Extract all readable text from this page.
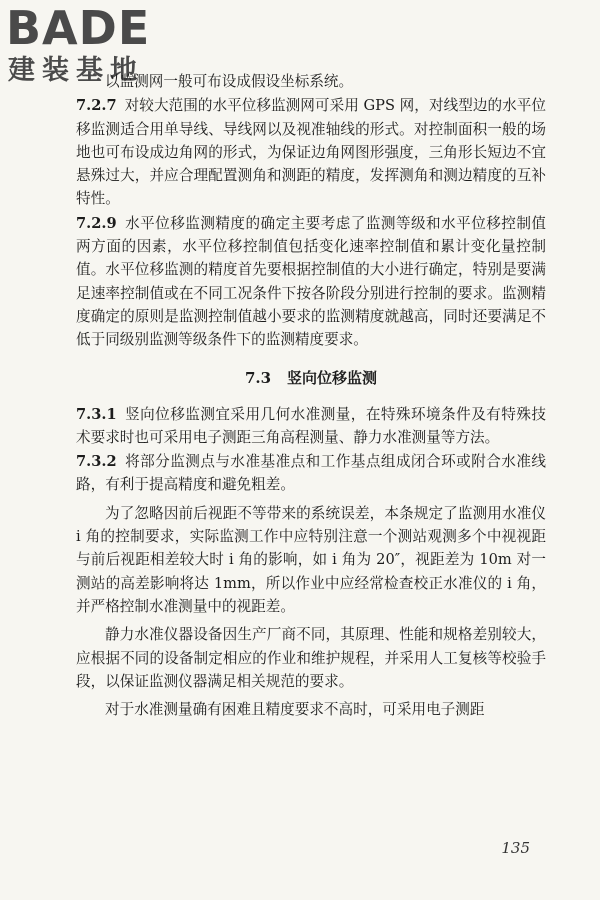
BADE
建装基地

以监测网一般可布设成假设坐标系统。

7.2.7 对较大范围的水平位移监测网可采用 GPS 网，对线型边的水平位移监测适合用单导线、导线网以及视准轴线的形式。对控制面积一般的场地也可布设成边角网的形式，为保证边角网图形强度，三角形长短边不宜悬殊过大，并应合理配置测角和测距的精度，发挥测角和测边精度的互补特性。

7.2.9 水平位移监测精度的确定主要考虑了监测等级和水平位移控制值两方面的因素，水平位移控制值包括变化速率控制值和累计变化量控制值。水平位移监测的精度首先要根据控制值的大小进行确定，特别是要满足速率控制值或在不同工况条件下按各阶段分别进行控制的要求。监测精度确定的原则是监测控制值越小要求的监测精度就越高，同时还要满足不低于同级别监测等级条件下的监测精度要求。

7.3 竖向位移监测

7.3.1 竖向位移监测宜采用几何水准测量，在特殊环境条件及有特殊技术要求时也可采用电子测距三角高程测量、静力水准测量等方法。

7.3.2 将部分监测点与水准基准点和工作基点组成闭合环或附合水准线路，有利于提高精度和避免粗差。

为了忽略因前后视距不等带来的系统误差，本条规定了监测用水准仪 i 角的控制要求，实际监测工作中应特别注意一个测站观测多个中视视距与前后视距相差较大时 i 角的影响，如 i 角为 20″，视距差为 10m 对一测站的高差影响将达 1mm，所以作业中应经常检查校正水准仪的 i 角，并严格控制水准测量中的视距差。

静力水准仪器设备因生产厂商不同，其原理、性能和规格差别较大，应根据不同的设备制定相应的作业和维护规程，并采用人工复核等校验手段，以保证监测仪器满足相关规范的要求。

对于水准测量确有困难且精度要求不高时，可采用电子测距

135
